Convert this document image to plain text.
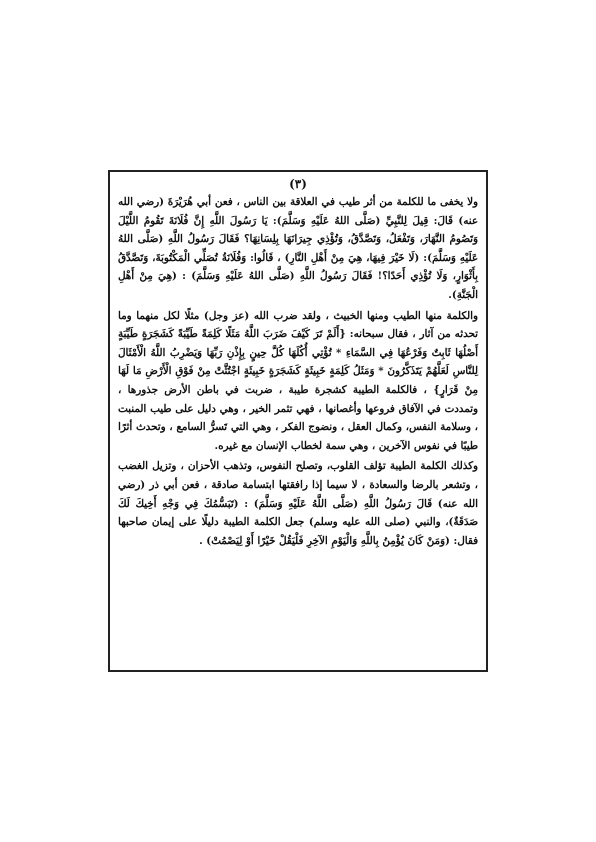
(٣)

ولا يخفى ما للكلمة من أثر طيب في العلاقة بين الناس ، فعن أبي هُرَيْرَةَ (رضي الله عنه) قَالَ: قِيلَ لِلنَّبِيِّ (صَلَّى اللهُ عَلَيْهِ وَسَلَّمَ): يَا رَسُولَ اللَّهِ إِنَّ فُلَانَةَ تَقُومُ اللَّيْلَ وَتَصُومُ النَّهَارَ، وَتَفْعَلُ، وَتَصَّدَّقُ، وَتُؤْذِي جِيرَانَهَا بِلِسَانِهَا؟ فَقَالَ رَسُولُ اللَّهِ (صَلَّى اللهُ عَلَيْهِ وَسَلَّمَ): (لَا خَيْرَ فِيهَا، هِيَ مِنْ أَهْلِ النَّارِ) ، قَالُوا: وَفُلَانَةُ تُصَلِّي الْمَكْتُوبَةَ، وَتَصَّدَّقُ بِأَثْوَارٍ، وَلَا تُؤْذِي أَحَدًا؟! فَقَالَ رَسُولُ اللَّهِ (صَلَّى اللهُ عَلَيْهِ وَسَلَّمَ) : (هِيَ مِنْ أَهْلِ الْجَنَّةِ).

والكلمة منها الطيب ومنها الخبيث ، ولقد ضرب الله (عز وجل) مثلًا لكل منهما وما تحدثه من آثار ، فقال سبحانه: {أَلَمْ تَرَ كَيْفَ ضَرَبَ اللَّهُ مَثَلًا كَلِمَةً طَيِّبَةً كَشَجَرَةٍ طَيِّبَةٍ أَصْلُهَا ثَابِتٌ وَفَرْعُهَا فِي السَّمَاءِ * تُؤْتِي أُكُلَهَا كُلَّ حِينٍ بِإِذْنِ رَبِّهَا وَيَضْرِبُ اللَّهُ الْأَمْثَالَ لِلنَّاسِ لَعَلَّهُمْ يَتَذَكَّرُونَ * وَمَثَلُ كَلِمَةٍ خَبِيثَةٍ كَشَجَرَةٍ خَبِيثَةٍ اجْتُثَّتْ مِنْ فَوْقِ الْأَرْضِ مَا لَهَا مِنْ قَرَارٍ} ، فالكلمة الطيبة كشجرة طيبة ، ضربت في باطن الأرض جذورها ، وتمددت في الآفاق فروعها وأغصانها ، فهي تثمر الخير ، وهي دليل على طيب المنبت ، وسلامة النفس، وكمال العقل ، ونضوج الفكر ، وهي التي تَسرُّ السامع ، وتحدث أثرًا طيبًا في نفوس الآخرين ، وهي سمة لخطاب الإنسان مع غيره.

وكذلك الكلمة الطيبة تؤلف القلوب، وتصلح النفوس، وتذهب الأحزان ، وتزيل الغضب ، وتشعر بالرضا والسعادة ، لا سيما إذا رافقتها ابتسامة صادقة ، فعن أبي ذر (رضي الله عنه) قَالَ رَسُولُ اللَّهِ (صَلَّى اللَّهُ عَلَيْهِ وَسَلَّمَ) : (تَبَسُّمُكَ فِي وَجْهِ أَخِيكَ لَكَ صَدَقَةٌ)، والنبي (صلى الله عليه وسلم) جعل الكلمة الطيبة دليلًا على إيمان صاحبها فقال: (وَمَنْ كَانَ يُؤْمِنُ بِاللَّهِ وَالْيَوْمِ الآخِرِ فَلْيَقُلْ خَيْرًا أَوْ لِيَصْمُتْ) .
